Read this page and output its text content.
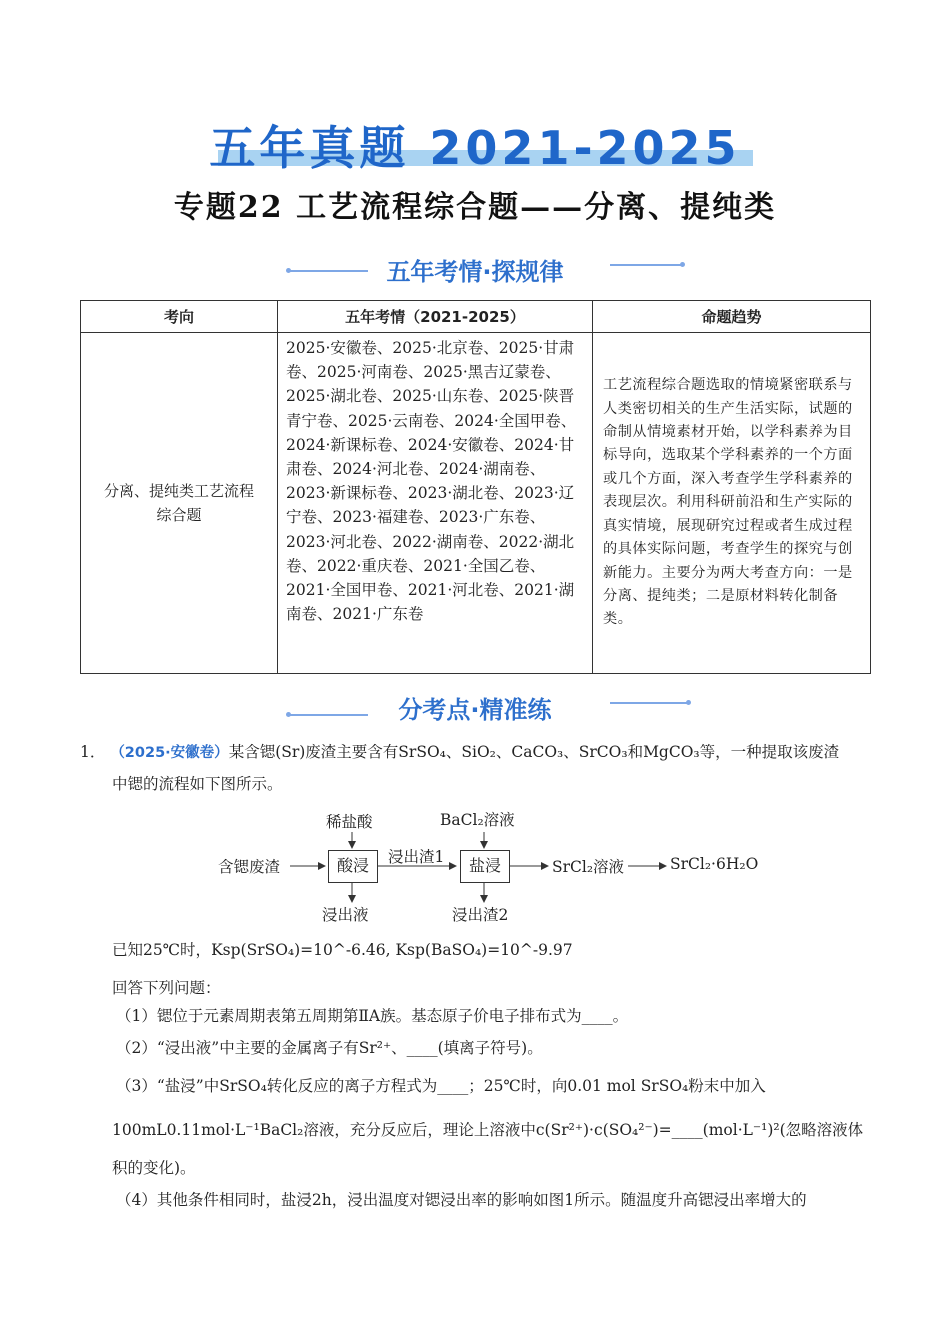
五年真题 2021-2025
专题22 工艺流程综合题——分离、提纯类
五年考情·探规律
考向	五年考情（2021-2025）	命题趋势
分离、提纯类工艺流程综合题	2025·安徽卷、2025·北京卷、2025·甘肃卷、2025·河南卷、2025·黑吉辽蒙卷、2025·湖北卷、2025·山东卷、2025·陕晋青宁卷、2025·云南卷、2024·全国甲卷、2024·新课标卷、2024·安徽卷、2024·甘肃卷、2024·河北卷、2024·湖南卷、2023·新课标卷、2023·湖北卷、2023·辽宁卷、2023·福建卷、2023·广东卷、2023·河北卷、2022·湖南卷、2022·湖北卷、2022·重庆卷、2021·全国乙卷、2021·全国甲卷、2021·河北卷、2021·湖南卷、2021·广东卷	工艺流程综合题选取的情境紧密联系与人类密切相关的生产生活实际，试题的命制从情境素材开始，以学科素养为目标导向，选取某个学科素养的一个方面或几个方面，深入考查学生学科素养的表现层次。利用科研前沿和生产实际的真实情境，展现研究过程或者生成过程的具体实际问题，考查学生的探究与创新能力。主要分为两大考查方向：一是分离、提纯类；二是原材料转化制备类。
分考点·精准练
1． （2025·安徽卷）某含锶(Sr)废渣主要含有SrSO₄、SiO₂、CaCO₃、SrCO₃和MgCO₃等，一种提取该废渣
中锶的流程如下图所示。
含锶废渣
稀盐酸
酸浸
浸出液
浸出渣1
BaCl₂溶液
盐浸
浸出渣2
SrCl₂溶液	SrCl₂·6H₂O
已知25℃时，Ksp(SrSO₄)=10^-6.46, Ksp(BaSO₄)=10^-9.97
回答下列问题：
（1）锶位于元素周期表第五周期第ⅡA族。基态原子价电子排布式为____。
（2）“浸出液”中主要的金属离子有Sr²⁺、____(填离子符号)。
（3）“盐浸”中SrSO₄转化反应的离子方程式为____；25℃时，向0.01 mol SrSO₄粉末中加入
100mL0.11mol·L⁻¹BaCl₂溶液，充分反应后，理论上溶液中c(Sr²⁺)·c(SO₄²⁻)=____(mol·L⁻¹)²(忽略溶液体
积的变化)。
（4）其他条件相同时，盐浸2h，浸出温度对锶浸出率的影响如图1所示。随温度升高锶浸出率增大的
